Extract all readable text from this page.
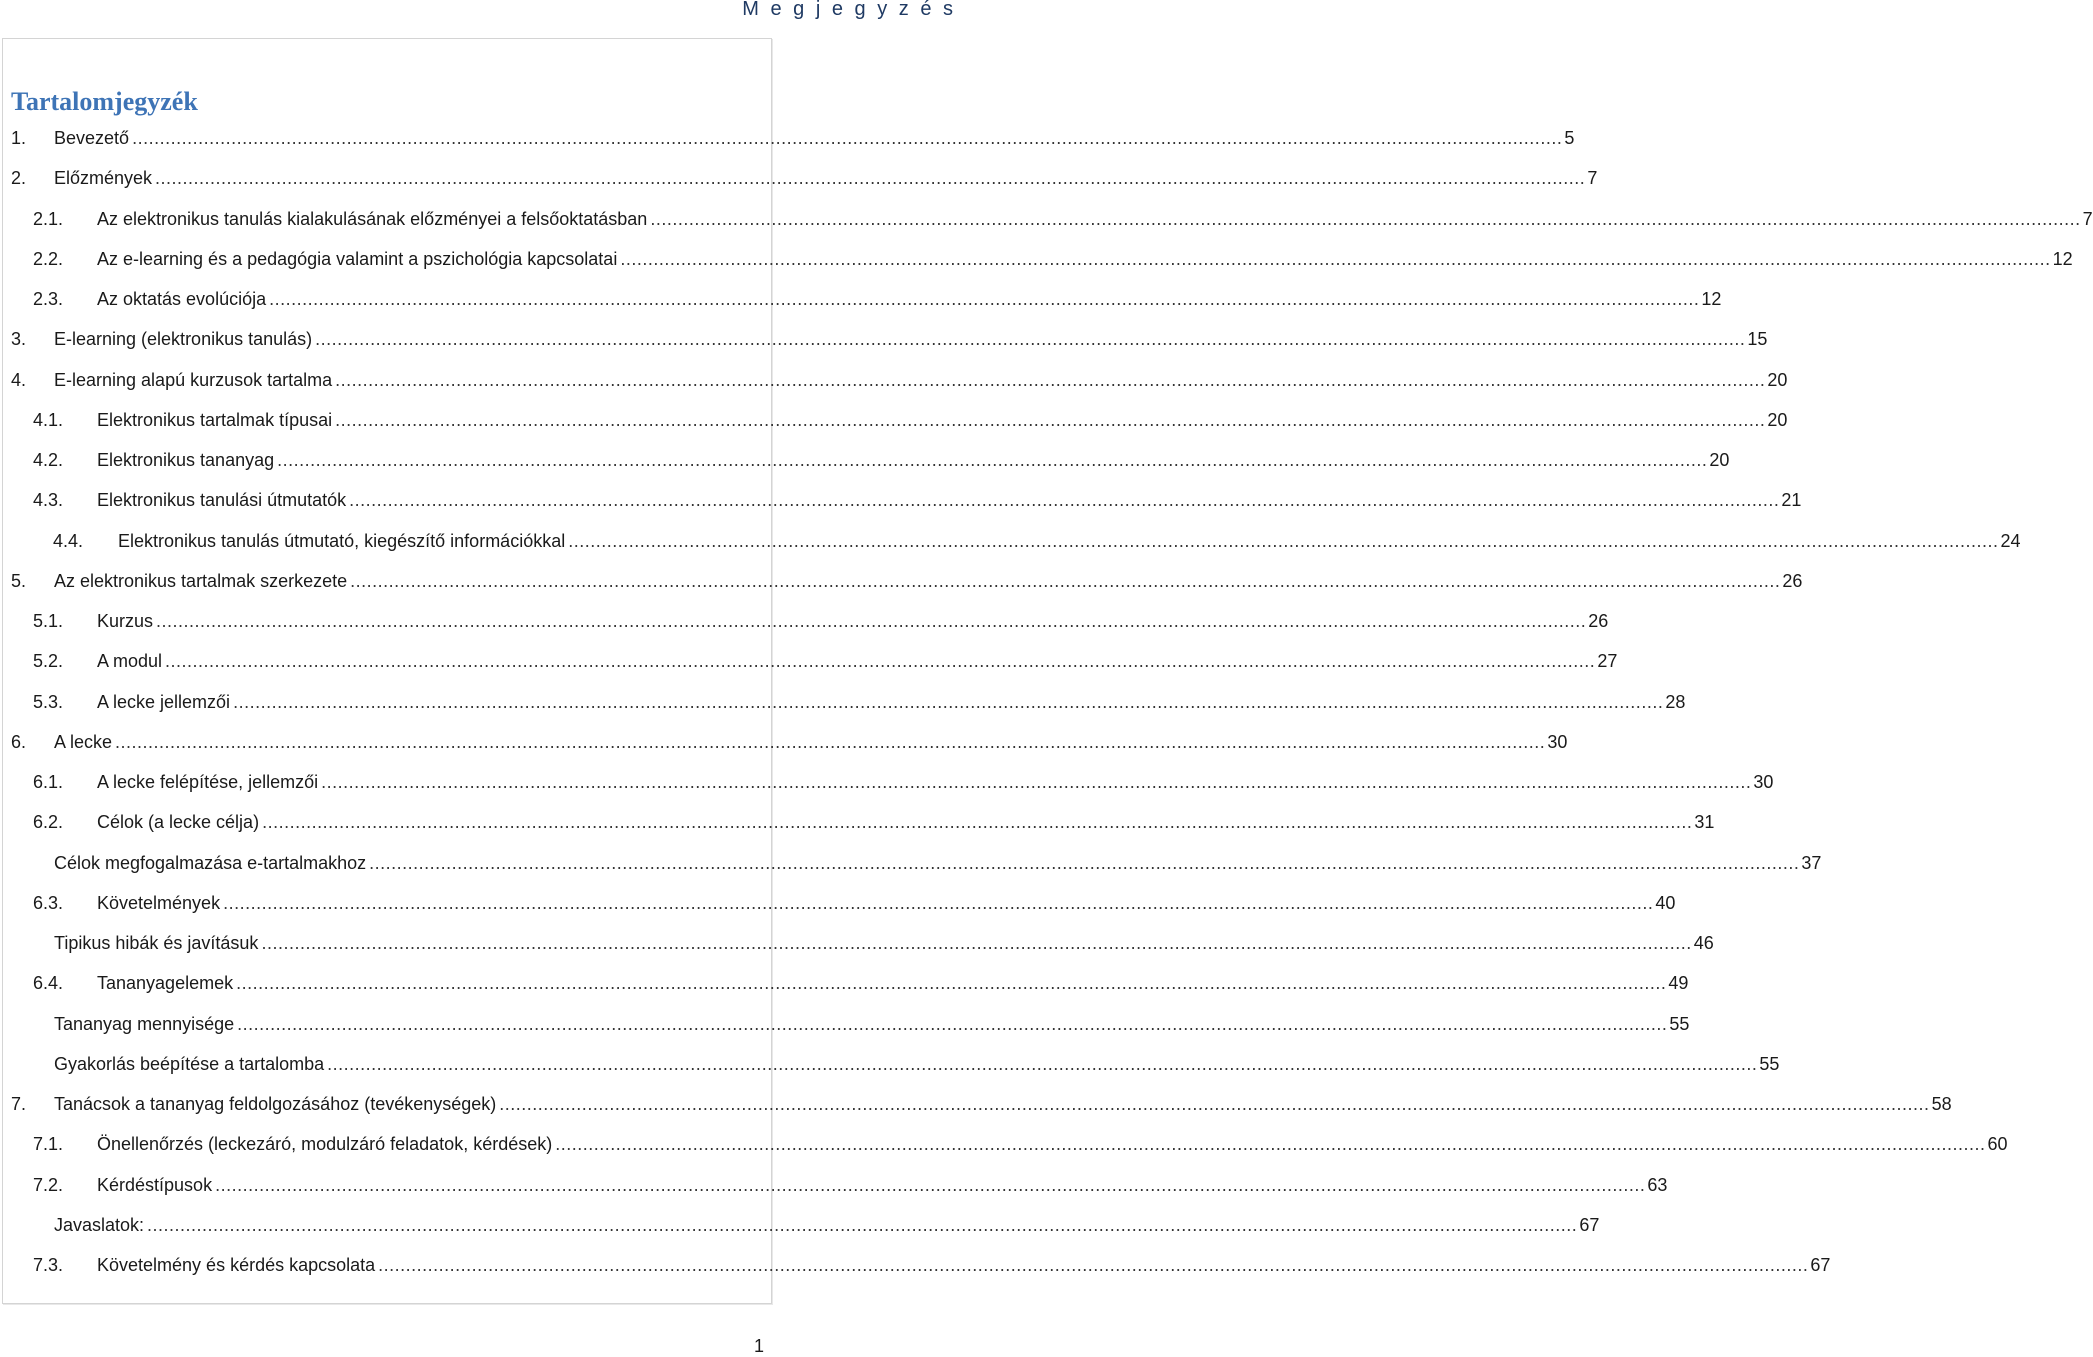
M e g j e g y z é s
Tartalomjegyzék
1. Bevezető .................................................................................................................................................................................................................................................................... 5
2. Előzmények .................................................................................................................................................................................................................................................................... 7
2.1. Az elektronikus tanulás kialakulásának előzményei a felsőoktatásban .................................................................................................................................................................................................................................................................... 7
2.2. Az e-learning és a pedagógia valamint a pszichológia kapcsolatai .................................................................................................................................................................................................................................................................... 12
2.3. Az oktatás evolúciója .................................................................................................................................................................................................................................................................... 12
3. E-learning (elektronikus tanulás) .................................................................................................................................................................................................................................................................... 15
4. E-learning alapú kurzusok tartalma .................................................................................................................................................................................................................................................................... 20
4.1. Elektronikus tartalmak típusai .................................................................................................................................................................................................................................................................... 20
4.2. Elektronikus tananyag .................................................................................................................................................................................................................................................................... 20
4.3. Elektronikus tanulási útmutatók .................................................................................................................................................................................................................................................................... 21
4.4. Elektronikus tanulás útmutató, kiegészítő információkkal .................................................................................................................................................................................................................................................................... 24
5. Az elektronikus tartalmak szerkezete .................................................................................................................................................................................................................................................................... 26
5.1. Kurzus .................................................................................................................................................................................................................................................................... 26
5.2. A modul .................................................................................................................................................................................................................................................................... 27
5.3. A lecke jellemzői .................................................................................................................................................................................................................................................................... 28
6. A lecke .................................................................................................................................................................................................................................................................... 30
6.1. A lecke felépítése, jellemzői .................................................................................................................................................................................................................................................................... 30
6.2. Célok (a lecke célja) .................................................................................................................................................................................................................................................................... 31
Célok megfogalmazása e-tartalmakhoz .................................................................................................................................................................................................................................................................... 37
6.3. Követelmények .................................................................................................................................................................................................................................................................... 40
Tipikus hibák és javításuk .................................................................................................................................................................................................................................................................... 46
6.4. Tananyagelemek .................................................................................................................................................................................................................................................................... 49
Tananyag mennyisége .................................................................................................................................................................................................................................................................... 55
Gyakorlás beépítése a tartalomba .................................................................................................................................................................................................................................................................... 55
7. Tanácsok a tananyag feldolgozásához (tevékenységek) .................................................................................................................................................................................................................................................................... 58
7.1. Önellenőrzés (leckezáró, modulzáró feladatok, kérdések) .................................................................................................................................................................................................................................................................... 60
7.2. Kérdéstípusok .................................................................................................................................................................................................................................................................... 63
Javaslatok: .................................................................................................................................................................................................................................................................... 67
7.3. Követelmény és kérdés kapcsolata .................................................................................................................................................................................................................................................................... 67
1
